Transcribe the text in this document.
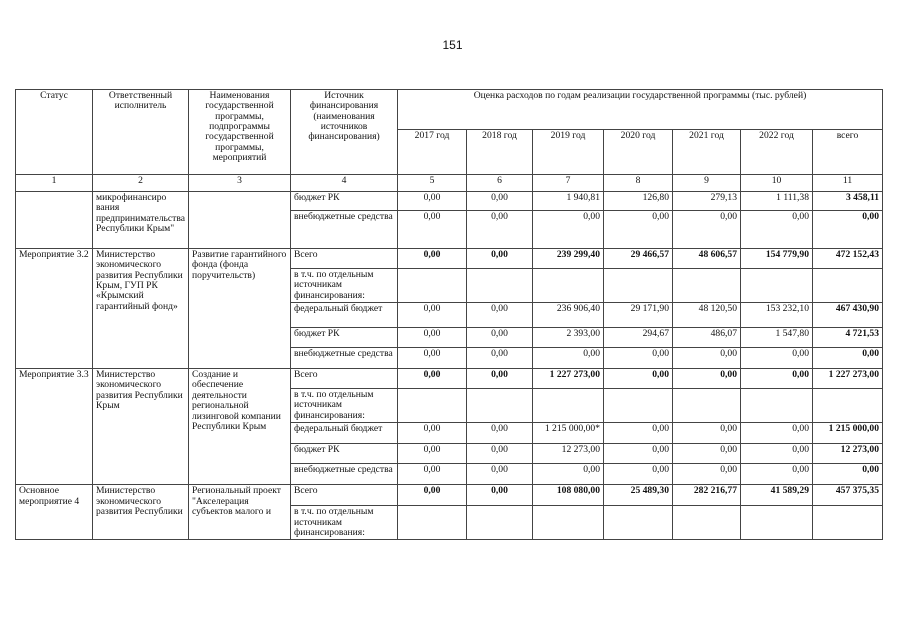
151
Статус	Ответственный исполнитель	Наименования государственной программы, подпрограммы государственной программы, мероприятий	Источник финансирования (наименования источников финансирования)	Оценка расходов по годам реализации государственной программы (тыс. рублей)						
				2017 год	2018 год	2019 год	2020 год	2021 год	2022 год	всего
1	2	3	4	5	6	7	8	9	10	11
	микрофинансиро вания предпринимательства Республики Крым"		бюджет РК	0,00	0,00	1 940,81	126,80	279,13	1 111,38	3 458,11
			внебюджетные средства	0,00	0,00	0,00	0,00	0,00	0,00	0,00
Мероприятие 3.2	Министерство экономического развития Республики Крым, ГУП РК «Крымский гарантийный фонд»	Развитие гарантийного фонда (фонда поручительств)	Всего	0,00	0,00	239 299,40	29 466,57	48 606,57	154 779,90	472 152,43
			в т.ч. по отдельным источникам финансирования:							
			федеральный бюджет	0,00	0,00	236 906,40	29 171,90	48 120,50	153 232,10	467 430,90
			бюджет РК	0,00	0,00	2 393,00	294,67	486,07	1 547,80	4 721,53
			внебюджетные средства	0,00	0,00	0,00	0,00	0,00	0,00	0,00
Мероприятие 3.3	Министерство экономического развития Республики Крым	Создание и обеспечение деятельности региональной лизинговой компании Республики Крым	Всего	0,00	0,00	1 227 273,00	0,00	0,00	0,00	1 227 273,00
			в т.ч. по отдельным источникам финансирования:							
			федеральный бюджет	0,00	0,00	1 215 000,00*	0,00	0,00	0,00	1 215 000,00
			бюджет РК	0,00	0,00	12 273,00	0,00	0,00	0,00	12 273,00
			внебюджетные средства	0,00	0,00	0,00	0,00	0,00	0,00	0,00
Основное мероприятие 4	Министерство экономического развития Республики	Региональный проект "Акселерация субъектов малого и	Всего	0,00	0,00	108 080,00	25 489,30	282 216,77	41 589,29	457 375,35
			в т.ч. по отдельным источникам финансирования:							
